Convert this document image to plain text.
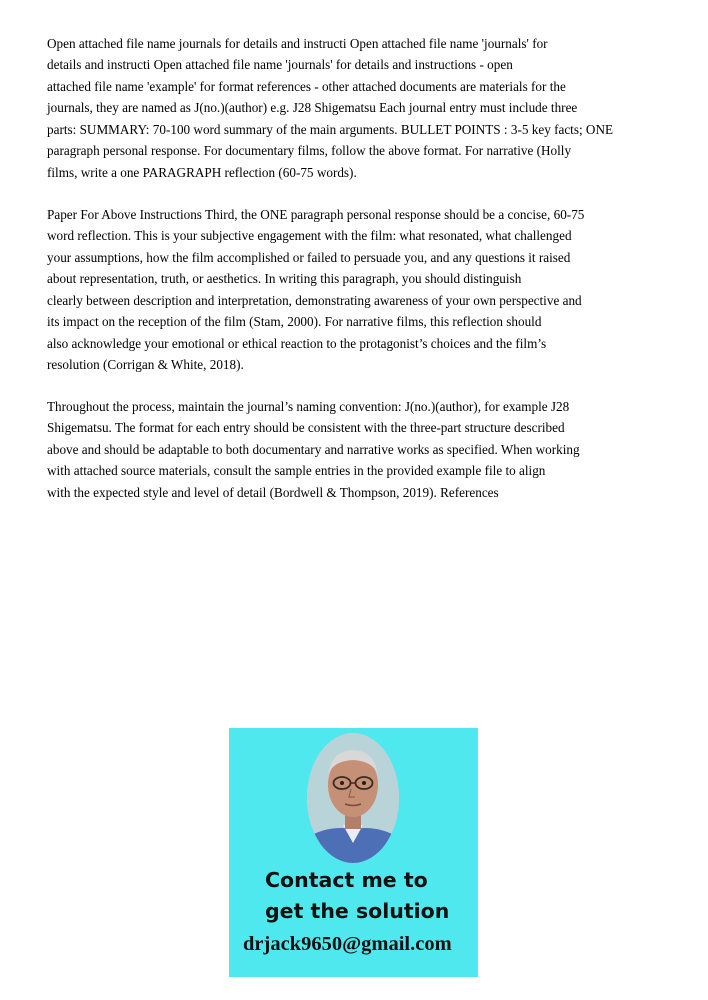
Open attached file name journals for details and instructi Open attached file name 'journals' for
details and instructi Open attached file name 'journals' for details and instructions - open
attached file name 'example' for format references - other attached documents are materials for the
journals, they are named as J(no.)(author) e.g. J28 Shigematsu Each journal entry must include three
parts: SUMMARY: 70-100 word summary of the main arguments. BULLET POINTS : 3-5 key facts; ONE
paragraph personal response. For documentary films, follow the above format. For narrative (Holly
films, write a one PARAGRAPH reflection (60-75 words).
Paper For Above Instructions Third, the ONE paragraph personal response should be a concise, 60-75
word reflection. This is your subjective engagement with the film: what resonated, what challenged
your assumptions, how the film accomplished or failed to persuade you, and any questions it raised
about representation, truth, or aesthetics. In writing this paragraph, you should distinguish
clearly between description and interpretation, demonstrating awareness of your own perspective and
its impact on the reception of the film (Stam, 2000). For narrative films, this reflection should
also acknowledge your emotional or ethical reaction to the protagonist’s choices and the film’s
resolution (Corrigan & White, 2018).
Throughout the process, maintain the journal’s naming convention: J(no.)(author), for example J28
Shigematsu. The format for each entry should be consistent with the three-part structure described
above and should be adaptable to both documentary and narrative works as specified. When working
with attached source materials, consult the sample entries in the provided example file to align
with the expected style and level of detail (Bordwell & Thompson, 2019). References
Contact me to
get the solution
drjack9650@gmail.com
